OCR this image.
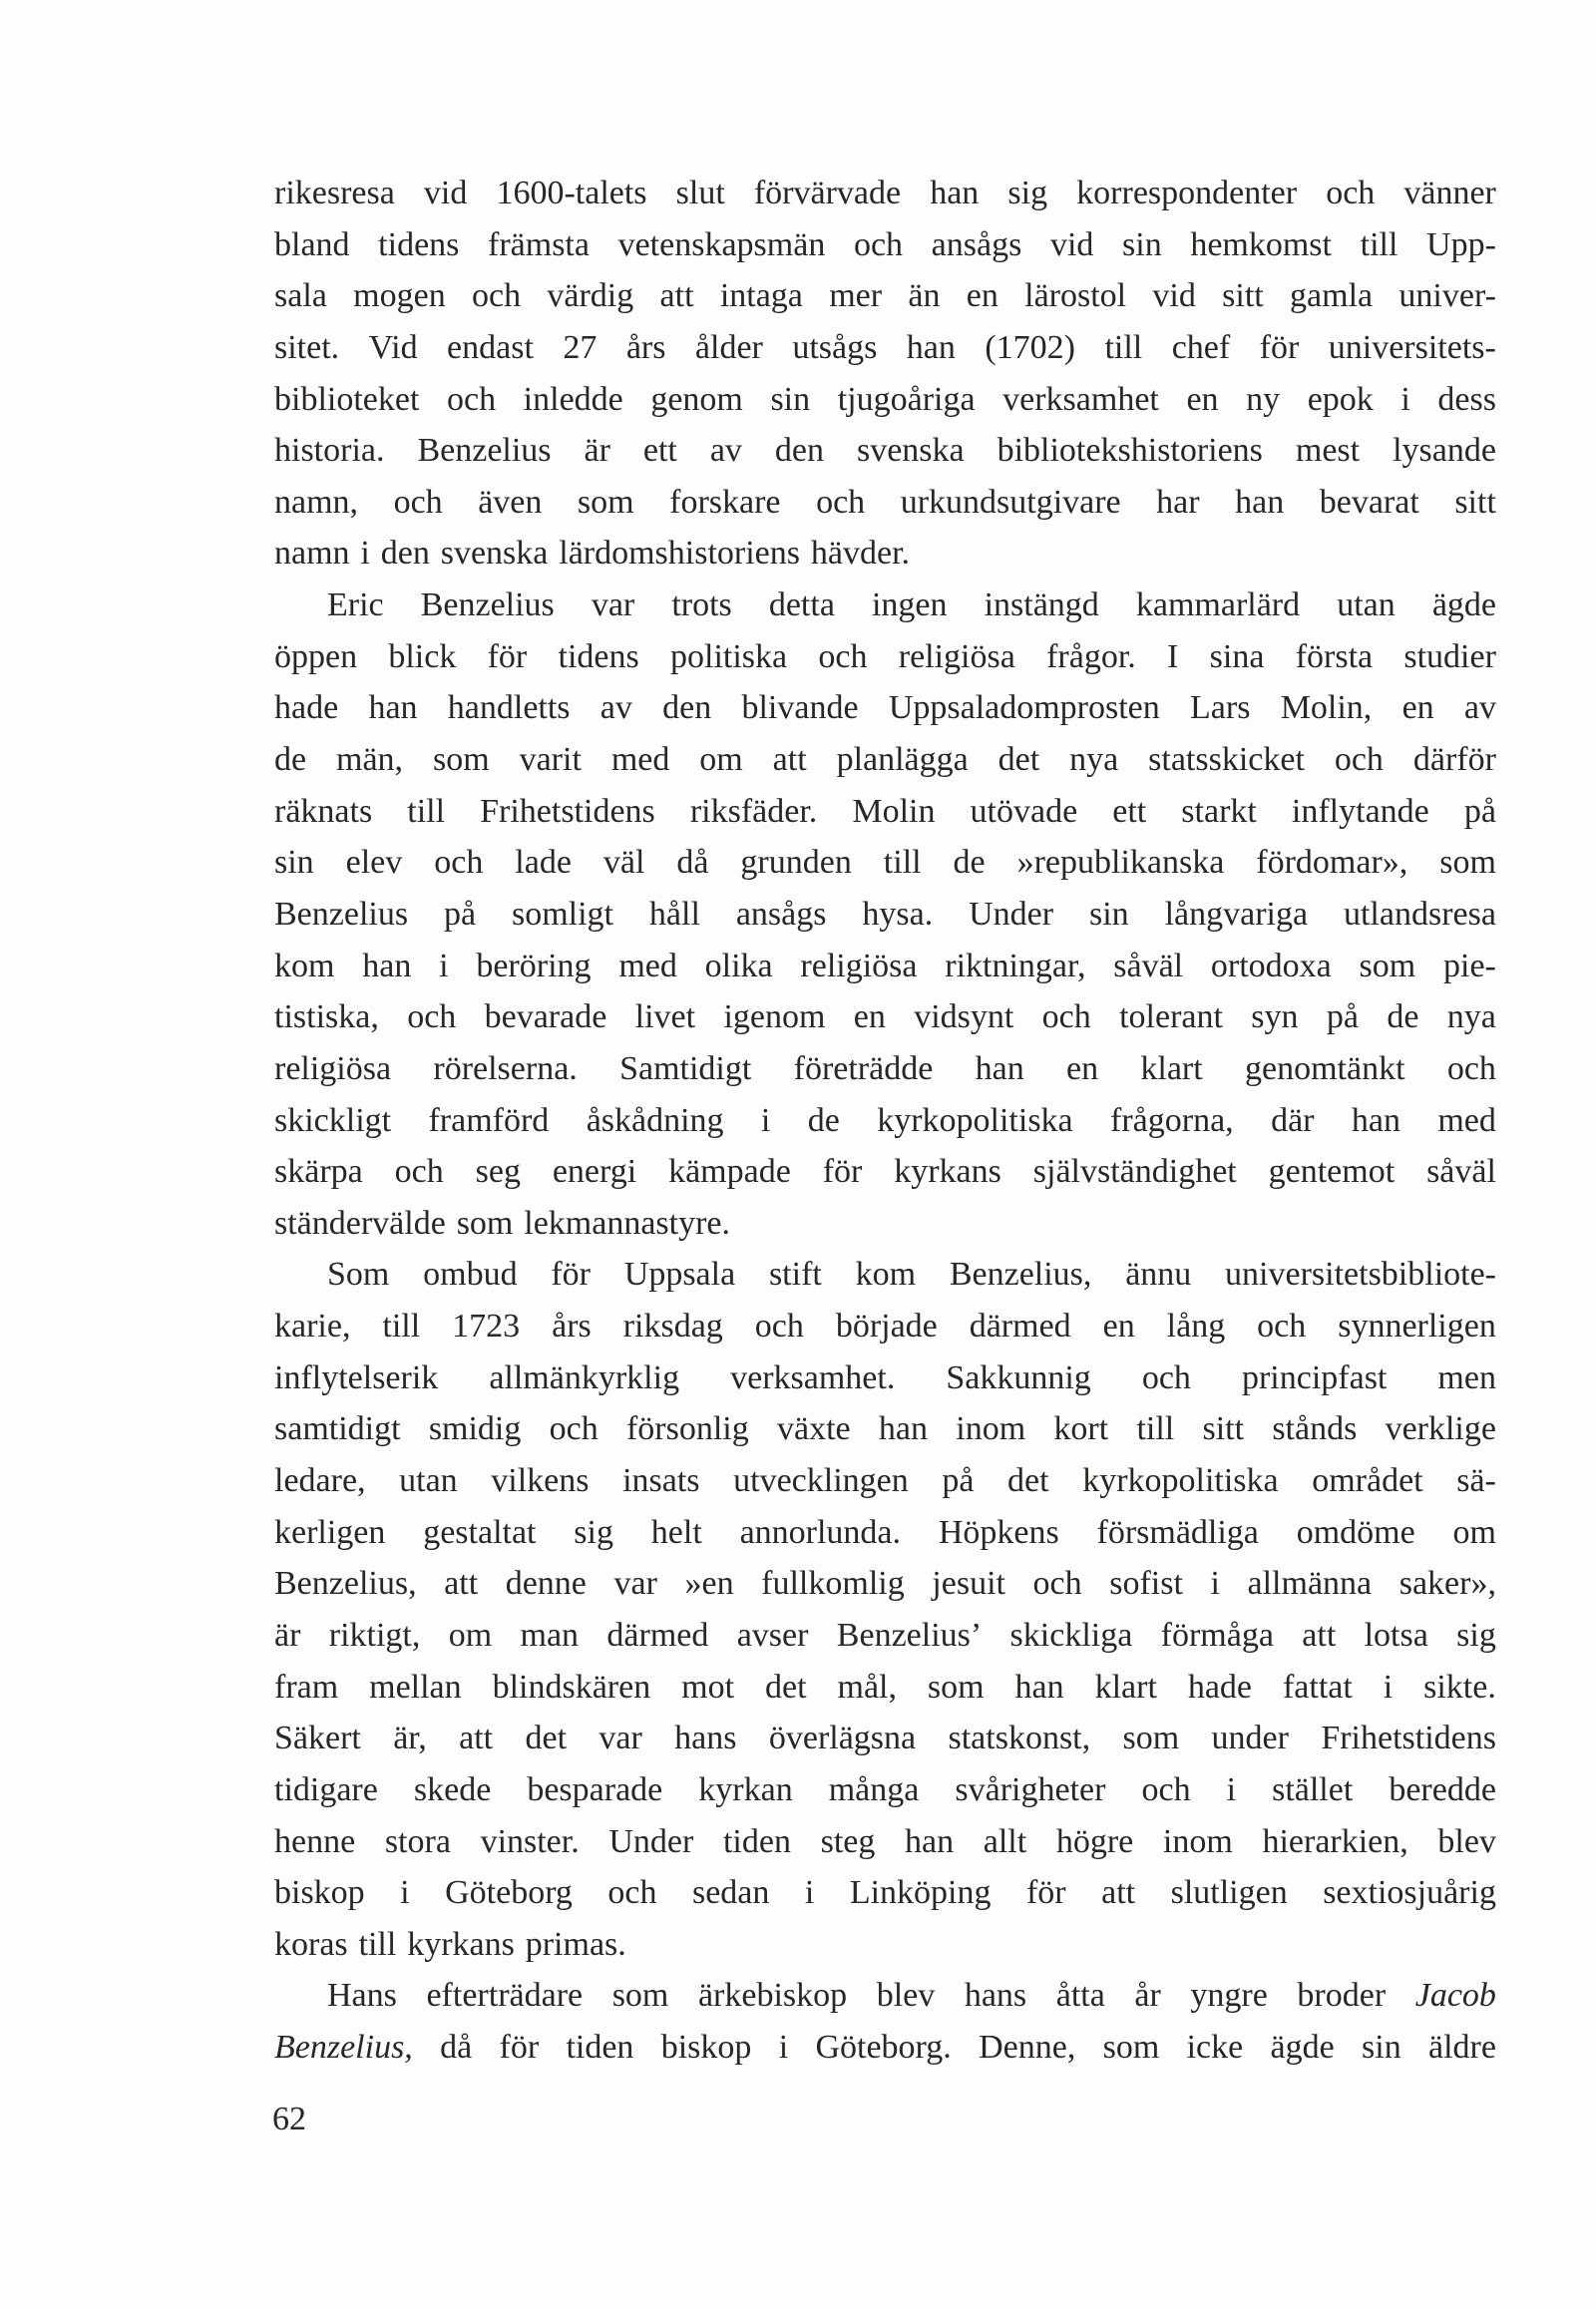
rikesresa vid 1600-talets slut förvärvade han sig korrespondenter och vänner
bland tidens främsta vetenskapsmän och ansågs vid sin hemkomst till Upp-
sala mogen och värdig att intaga mer än en lärostol vid sitt gamla univer-
sitet. Vid endast 27 års ålder utsågs han (1702) till chef för universitets-
biblioteket och inledde genom sin tjugoåriga verksamhet en ny epok i dess
historia. Benzelius är ett av den svenska bibliotekshistoriens mest lysande
namn, och även som forskare och urkundsutgivare har han bevarat sitt
namn i den svenska lärdomshistoriens hävder.
Eric Benzelius var trots detta ingen instängd kammarlärd utan ägde
öppen blick för tidens politiska och religiösa frågor. I sina första studier
hade han handletts av den blivande Uppsaladomprosten Lars Molin, en av
de män, som varit med om att planlägga det nya statsskicket och därför
räknats till Frihetstidens riksfäder. Molin utövade ett starkt inflytande på
sin elev och lade väl då grunden till de »republikanska fördomar», som
Benzelius på somligt håll ansågs hysa. Under sin långvariga utlandsresa
kom han i beröring med olika religiösa riktningar, såväl ortodoxa som pie-
tistiska, och bevarade livet igenom en vidsynt och tolerant syn på de nya
religiösa rörelserna. Samtidigt företrädde han en klart genomtänkt och
skickligt framförd åskådning i de kyrkopolitiska frågorna, där han med
skärpa och seg energi kämpade för kyrkans självständighet gentemot såväl
ständervälde som lekmannastyre.
Som ombud för Uppsala stift kom Benzelius, ännu universitetsbibliote-
karie, till 1723 års riksdag och började därmed en lång och synnerligen
inflytelserik allmänkyrklig verksamhet. Sakkunnig och principfast men
samtidigt smidig och försonlig växte han inom kort till sitt stånds verklige
ledare, utan vilkens insats utvecklingen på det kyrkopolitiska området sä-
kerligen gestaltat sig helt annorlunda. Höpkens försmädliga omdöme om
Benzelius, att denne var »en fullkomlig jesuit och sofist i allmänna saker»,
är riktigt, om man därmed avser Benzelius’ skickliga förmåga att lotsa sig
fram mellan blindskären mot det mål, som han klart hade fattat i sikte.
Säkert är, att det var hans överlägsna statskonst, som under Frihetstidens
tidigare skede besparade kyrkan många svårigheter och i stället beredde
henne stora vinster. Under tiden steg han allt högre inom hierarkien, blev
biskop i Göteborg och sedan i Linköping för att slutligen sextiosjuårig
koras till kyrkans primas.
Hans efterträdare som ärkebiskop blev hans åtta år yngre broder Jacob
Benzelius, då för tiden biskop i Göteborg. Denne, som icke ägde sin äldre
62
